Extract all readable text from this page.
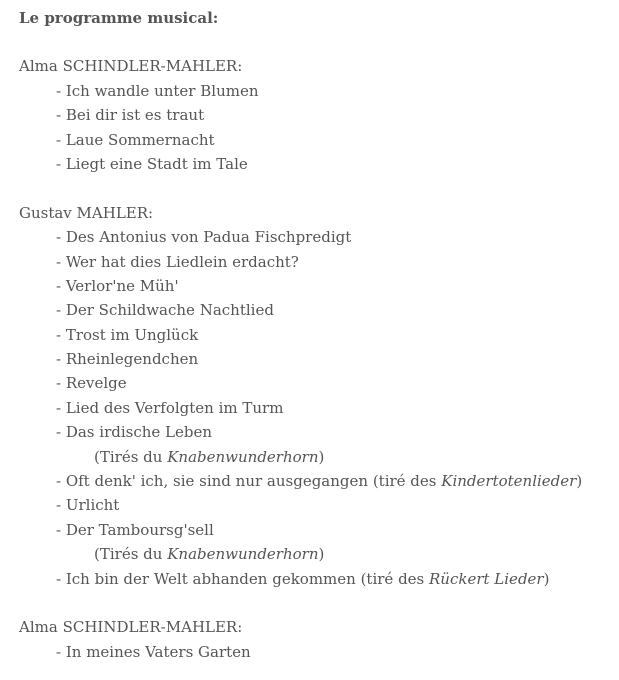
Le programme musical:
Alma SCHINDLER-MAHLER:
- Ich wandle unter Blumen
- Bei dir ist es traut
- Laue Sommernacht
- Liegt eine Stadt im Tale
Gustav MAHLER:
- Des Antonius von Padua Fischpredigt
- Wer hat dies Liedlein erdacht?
- Verlor'ne Müh'
- Der Schildwache Nachtlied
- Trost im Unglück
- Rheinlegendchen
- Revelge
- Lied des Verfolgten im Turm
- Das irdische Leben
(Tirés du Knabenwunderhorn)
- Oft denk' ich, sie sind nur ausgegangen (tiré des Kindertotenlieder)
- Urlicht
- Der Tamboursg'sell
(Tirés du Knabenwunderhorn)
- Ich bin der Welt abhanden gekommen (tiré des Rückert Lieder)
Alma SCHINDLER-MAHLER:
- In meines Vaters Garten
